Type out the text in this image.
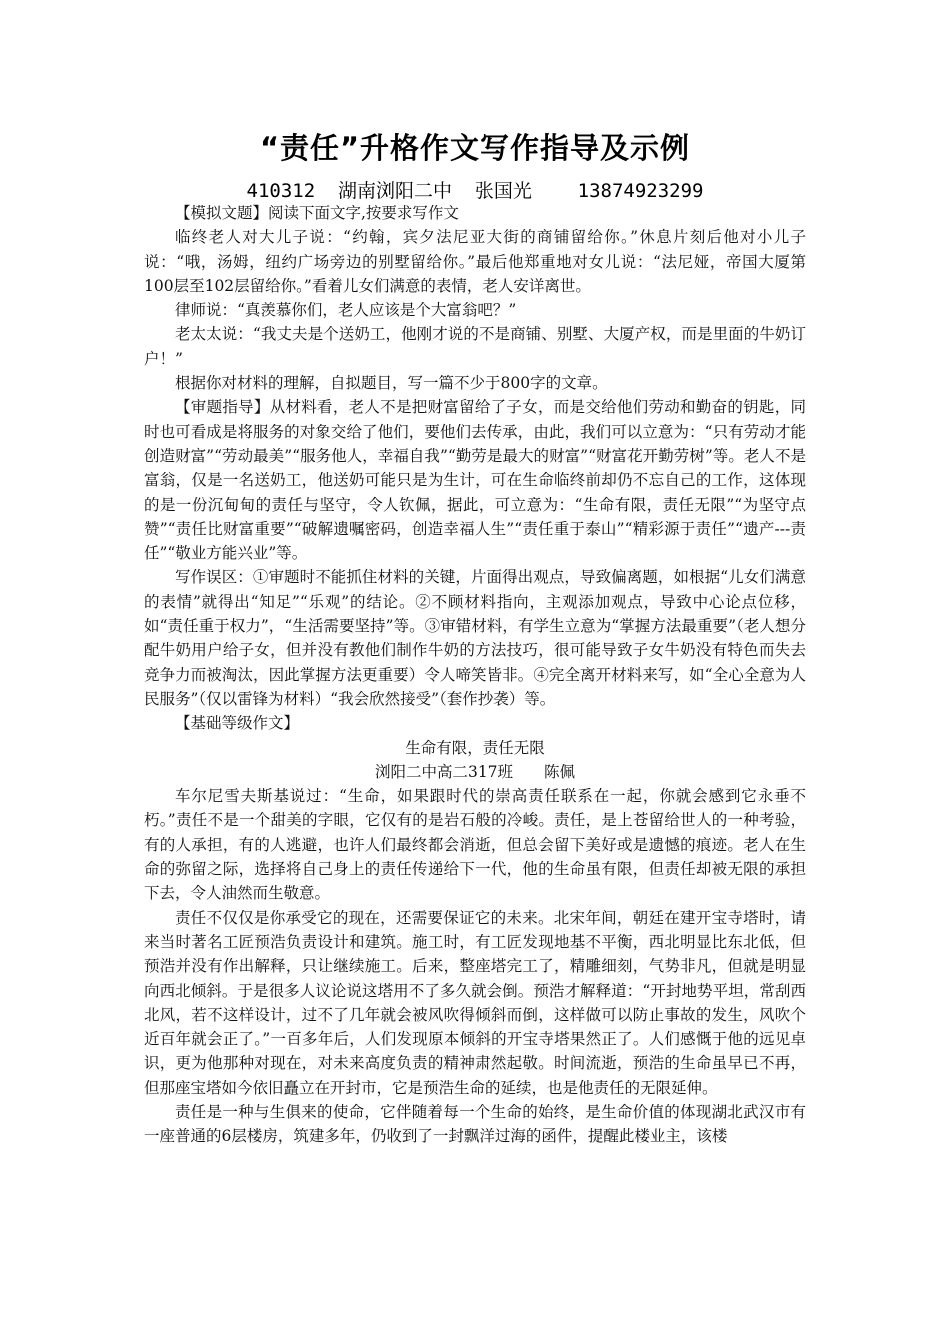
“责任”升格作文写作指导及示例
410312  湖南浏阳二中  张国光    13874923299

【模拟文题】阅读下面文字,按要求写作文

临终老人对大儿子说：“约翰，宾夕法尼亚大街的商铺留给你。”休息片刻后他对小儿子说：“哦，汤姆，纽约广场旁边的别墅留给你。”最后他郑重地对女儿说：“法尼娅，帝国大厦第100层至102层留给你。”看着儿女们满意的表情，老人安详离世。

律师说：“真羡慕你们，老人应该是个大富翁吧？”

老太太说：“我丈夫是个送奶工，他刚才说的不是商铺、别墅、大厦产权，而是里面的牛奶订户！”

根据你对材料的理解，自拟题目，写一篇不少于800字的文章。

【审题指导】从材料看，老人不是把财富留给了子女，而是交给他们劳动和勤奋的钥匙，同时也可看成是将服务的对象交给了他们，要他们去传承，由此，我们可以立意为：“只有劳动才能创造财富”“劳动最美”“服务他人，幸福自我”“勤劳是最大的财富”“财富花开勤劳树”等。老人不是富翁，仅是一名送奶工，他送奶可能只是为生计，可在生命临终前却仍不忘自己的工作，这体现的是一份沉甸甸的责任与坚守，令人钦佩，据此，可立意为：“生命有限，责任无限”“为坚守点赞”“责任比财富重要”“破解遗嘱密码，创造幸福人生”“责任重于泰山”“精彩源于责任”“遗产---责任”“敬业方能兴业”等。

写作误区：①审题时不能抓住材料的关键，片面得出观点，导致偏离题，如根据“儿女们满意的表情”就得出“知足”“乐观”的结论。②不顾材料指向，主观添加观点，导致中心论点位移，如“责任重于权力”，“生活需要坚持”等。③审错材料，有学生立意为“掌握方法最重要”（老人想分配牛奶用户给子女，但并没有教他们制作牛奶的方法技巧，很可能导致子女牛奶没有特色而失去竞争力而被淘汰，因此掌握方法更重要）令人啼笑皆非。④完全离开材料来写，如“全心全意为人民服务”（仅以雷锋为材料）“我会欣然接受”（套作抄袭）等。

【基础等级作文】

生命有限，责任无限

浏阳二中高二317班　　陈佩

车尔尼雪夫斯基说过：“生命，如果跟时代的崇高责任联系在一起，你就会感到它永垂不朽。”责任不是一个甜美的字眼，它仅有的是岩石般的冷峻。责任，是上苍留给世人的一种考验，有的人承担，有的人逃避，也许人们最终都会消逝，但总会留下美好或是遗憾的痕迹。老人在生命的弥留之际，选择将自己身上的责任传递给下一代，他的生命虽有限，但责任却被无限的承担下去，令人油然而生敬意。

责任不仅仅是你承受它的现在，还需要保证它的未来。北宋年间，朝廷在建开宝寺塔时，请来当时著名工匠预浩负责设计和建筑。施工时，有工匠发现地基不平衡，西北明显比东北低，但预浩并没有作出解释，只让继续施工。后来，整座塔完工了，精雕细刻，气势非凡，但就是明显向西北倾斜。于是很多人议论说这塔用不了多久就会倒。预浩才解释道：“开封地势平坦，常刮西北风，若不这样设计，过不了几年就会被风吹得倾斜而倒，这样做可以防止事故的发生，风吹个近百年就会正了。”一百多年后，人们发现原本倾斜的开宝寺塔果然正了。人们感慨于他的远见卓识，更为他那种对现在，对未来高度负责的精神肃然起敬。时间流逝，预浩的生命虽早已不再，但那座宝塔如今依旧矗立在开封市，它是预浩生命的延续，也是他责任的无限延伸。

责任是一种与生俱来的使命，它伴随着每一个生命的始终，是生命价值的体现湖北武汉市有一座普通的6层楼房，筑建多年，仍收到了一封飘洋过海的函件，提醒此楼业主，该楼
